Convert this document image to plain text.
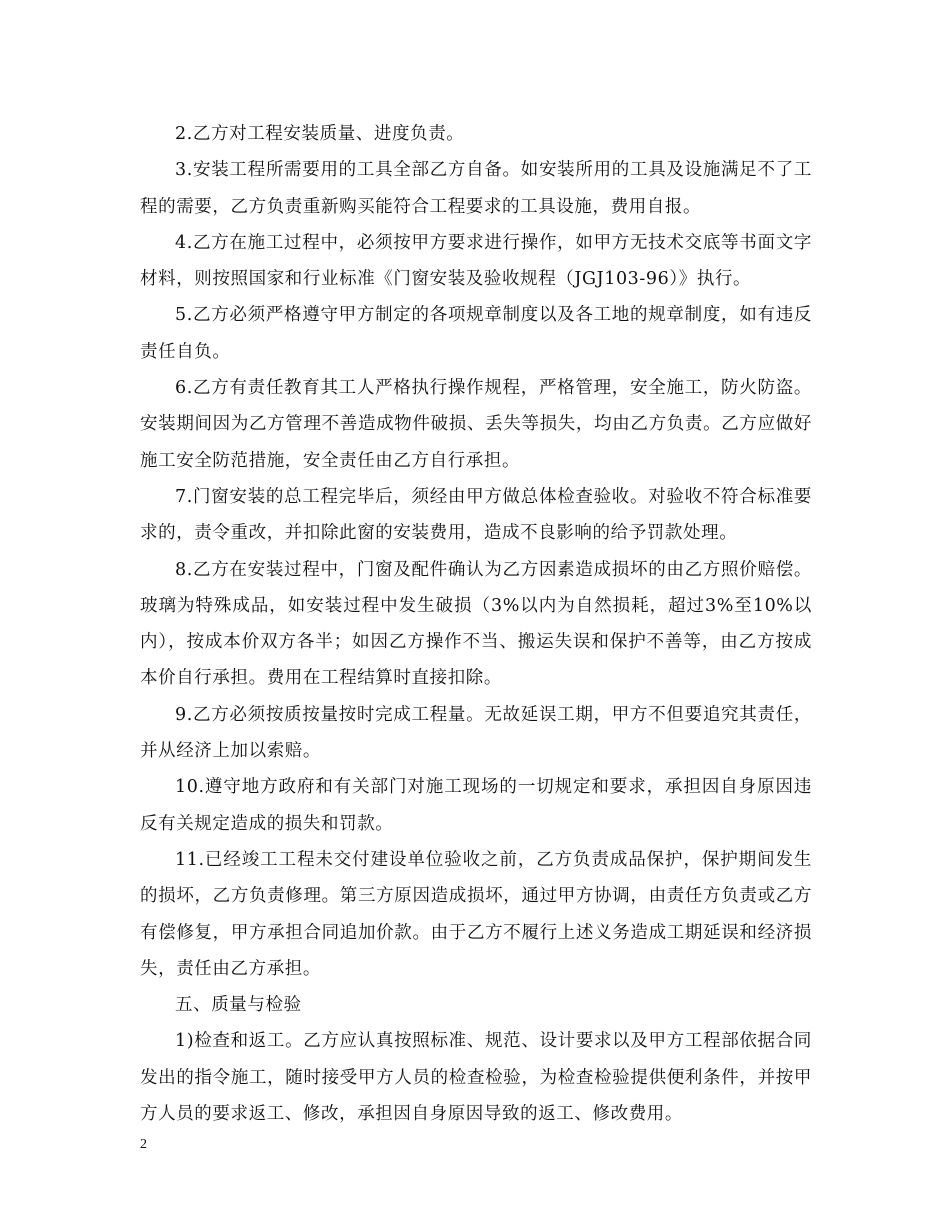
2.乙方对工程安装质量、进度负责。

3.安装工程所需要用的工具全部乙方自备。如安装所用的工具及设施满足不了工程的需要，乙方负责重新购买能符合工程要求的工具设施，费用自报。

4.乙方在施工过程中，必须按甲方要求进行操作，如甲方无技术交底等书面文字材料，则按照国家和行业标准《门窗安装及验收规程（JGJ103-96）》执行。

5.乙方必须严格遵守甲方制定的各项规章制度以及各工地的规章制度，如有违反责任自负。

6.乙方有责任教育其工人严格执行操作规程，严格管理，安全施工，防火防盗。安装期间因为乙方管理不善造成物件破损、丢失等损失，均由乙方负责。乙方应做好施工安全防范措施，安全责任由乙方自行承担。

7.门窗安装的总工程完毕后，须经由甲方做总体检查验收。对验收不符合标准要求的，责令重改，并扣除此窗的安装费用，造成不良影响的给予罚款处理。

8.乙方在安装过程中，门窗及配件确认为乙方因素造成损坏的由乙方照价赔偿。玻璃为特殊成品，如安装过程中发生破损（3%以内为自然损耗，超过3%至10%以内），按成本价双方各半；如因乙方操作不当、搬运失误和保护不善等，由乙方按成本价自行承担。费用在工程结算时直接扣除。

9.乙方必须按质按量按时完成工程量。无故延误工期，甲方不但要追究其责任，并从经济上加以索赔。

10.遵守地方政府和有关部门对施工现场的一切规定和要求，承担因自身原因违反有关规定造成的损失和罚款。

11.已经竣工工程未交付建设单位验收之前，乙方负责成品保护，保护期间发生的损坏，乙方负责修理。第三方原因造成损坏，通过甲方协调，由责任方负责或乙方有偿修复，甲方承担合同追加价款。由于乙方不履行上述义务造成工期延误和经济损失，责任由乙方承担。

五、质量与检验

1)检查和返工。乙方应认真按照标准、规范、设计要求以及甲方工程部依据合同发出的指令施工，随时接受甲方人员的检查检验，为检查检验提供便利条件，并按甲方人员的要求返工、修改，承担因自身原因导致的返工、修改费用。

2
